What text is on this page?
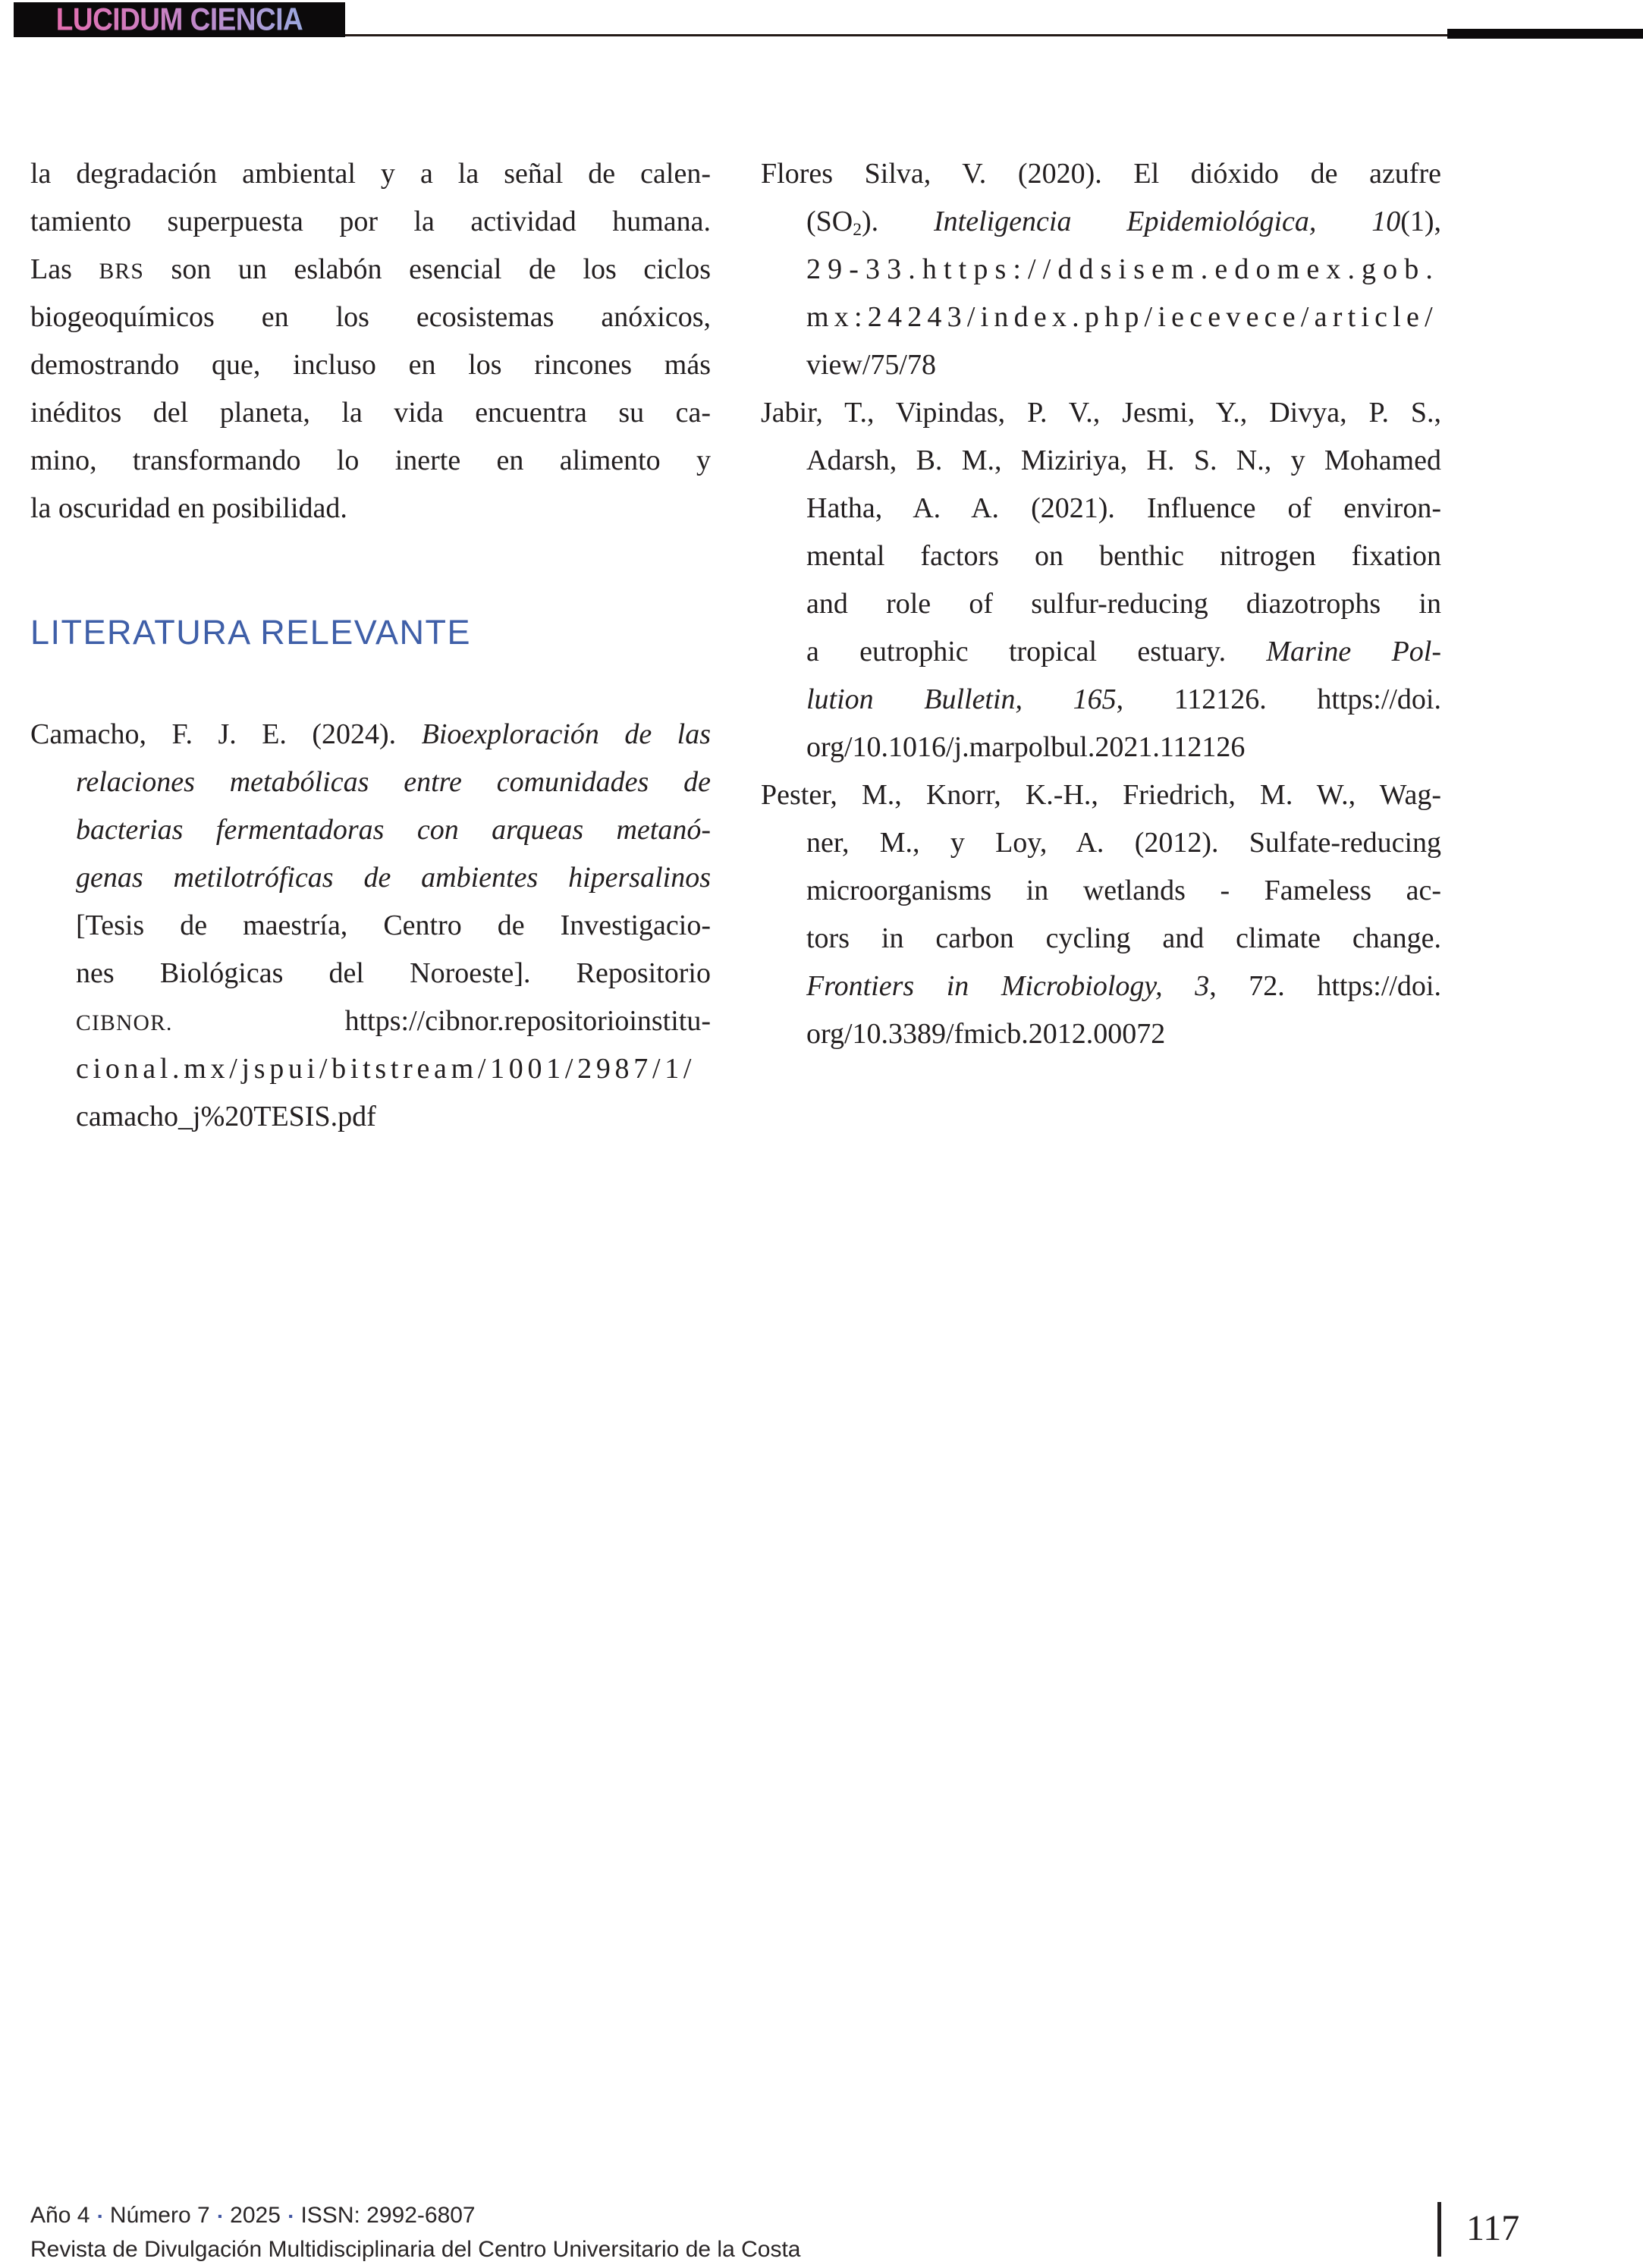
LUCIDUM CIENCIA
la degradación ambiental y a la señal de calen-
tamiento superpuesta por la actividad humana.
Las BRS son un eslabón esencial de los ciclos
biogeoquímicos en los ecosistemas anóxicos,
demostrando que, incluso en los rincones más
inéditos del planeta, la vida encuentra su ca-
mino, transformando lo inerte en alimento y
la oscuridad en posibilidad.
LITERATURA RELEVANTE
Camacho, F. J. E. (2024). Bioexploración de las
relaciones metabólicas entre comunidades de
bacterias fermentadoras con arqueas metanó-
genas metilotróficas de ambientes hipersalinos
[Tesis de maestría, Centro de Investigacio-
nes Biológicas del Noroeste]. Repositorio
CIBNOR. https://cibnor.repositorioinstitu-
cional.mx/jspui/bitstream/1001/2987/1/
camacho_j%20TESIS.pdf
Flores Silva, V. (2020). El dióxido de azufre
$(SO_2)$. Inteligencia Epidemiológica, 10(1),
29-33.https://ddsisem.edomex.gob.
mx:24243/index.php/iecevece/article/
view/75/78
Jabir, T., Vipindas, P. V., Jesmi, Y., Divya, P. S.,
Adarsh, B. M., Miziriya, H. S. N., y Mohamed
Hatha, A. A. (2021). Influence of environ-
mental factors on benthic nitrogen fixation
and role of sulfur-reducing diazotrophs in
a eutrophic tropical estuary. Marine Pol-
lution Bulletin, 165, 112126. https://doi.
org/10.1016/j.marpolbul.2021.112126
Pester, M., Knorr, K.-H., Friedrich, M. W., Wag-
ner, M., y Loy, A. (2012). Sulfate-reducing
microorganisms in wetlands - Fameless ac-
tors in carbon cycling and climate change.
Frontiers in Microbiology, 3, 72. https://doi.
org/10.3389/fmicb.2012.00072
Año 4 ▪ Número 7 ▪ 2025 ▪ ISSN: 2992-6807
Revista de Divulgación Multidisciplinaria del Centro Universitario de la Costa
117
